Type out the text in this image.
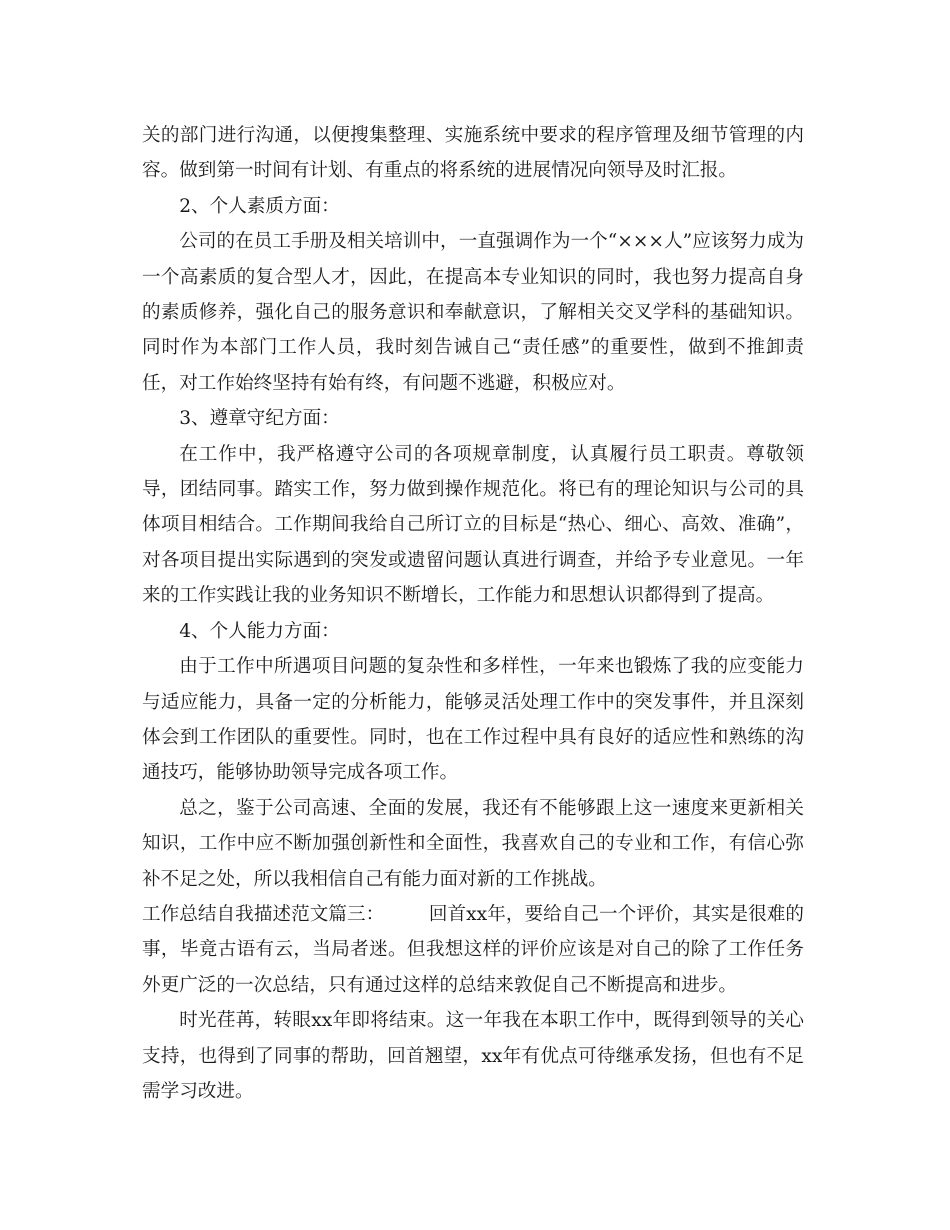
关的部门进行沟通，以便搜集整理、实施系统中要求的程序管理及细节管理的内容。做到第一时间有计划、有重点的将系统的进展情况向领导及时汇报。

2、个人素质方面：

公司的在员工手册及相关培训中，一直强调作为一个“×××人”应该努力成为一个高素质的复合型人才，因此，在提高本专业知识的同时，我也努力提高自身的素质修养，强化自己的服务意识和奉献意识，了解相关交叉学科的基础知识。同时作为本部门工作人员，我时刻告诫自己“责任感”的重要性，做到不推卸责任，对工作始终坚持有始有终，有问题不逃避，积极应对。

3、遵章守纪方面：

在工作中，我严格遵守公司的各项规章制度，认真履行员工职责。尊敬领导，团结同事。踏实工作，努力做到操作规范化。将已有的理论知识与公司的具体项目相结合。工作期间我给自己所订立的目标是“热心、细心、高效、准确”，对各项目提出实际遇到的突发或遗留问题认真进行调查，并给予专业意见。一年来的工作实践让我的业务知识不断增长，工作能力和思想认识都得到了提高。

4、个人能力方面：

由于工作中所遇项目问题的复杂性和多样性，一年来也锻炼了我的应变能力与适应能力，具备一定的分析能力，能够灵活处理工作中的突发事件，并且深刻体会到工作团队的重要性。同时，也在工作过程中具有良好的适应性和熟练的沟通技巧，能够协助领导完成各项工作。

总之，鉴于公司高速、全面的发展，我还有不能够跟上这一速度来更新相关知识，工作中应不断加强创新性和全面性，我喜欢自己的专业和工作，有信心弥补不足之处，所以我相信自己有能力面对新的工作挑战。

工作总结自我描述范文篇三： 回首xx年，要给自己一个评价，其实是很难的事，毕竟古语有云，当局者迷。但我想这样的评价应该是对自己的除了工作任务外更广泛的一次总结，只有通过这样的总结来敦促自己不断提高和进步。

时光荏苒，转眼xx年即将结束。这一年我在本职工作中，既得到领导的关心支持，也得到了同事的帮助，回首翘望，xx年有优点可待继承发扬，但也有不足需学习改进。
